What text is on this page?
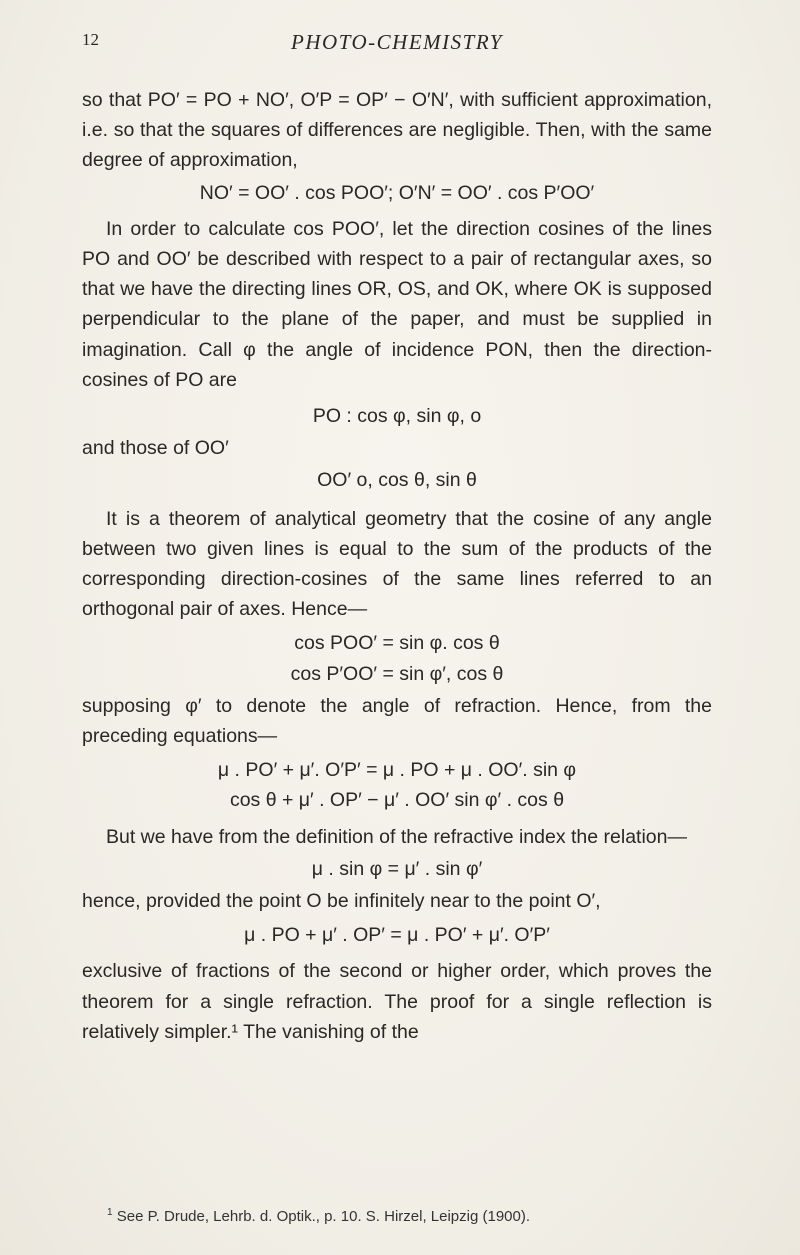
12	PHOTO-CHEMISTRY

so that PO′ = PO + NO′, O′P = OP′ − O′N′, with sufficient approximation, i.e. so that the squares of differences are negligible. Then, with the same degree of approximation,

NO′ = OO′ . cos POO′; O′N′ = OO′ . cos P′OO′

In order to calculate cos POO′, let the direction cosines of the lines PO and OO′ be described with respect to a pair of rectangular axes, so that we have the directing lines OR, OS, and OK, where OK is supposed perpendicular to the plane of the paper, and must be supplied in imagination. Call φ the angle of incidence PON, then the direction-cosines of PO are

PO : cos φ, sin φ, o

and those of OO′

OO′ o, cos θ, sin θ

It is a theorem of analytical geometry that the cosine of any angle between two given lines is equal to the sum of the products of the corresponding direction-cosines of the same lines referred to an orthogonal pair of axes. Hence—

cos POO′ = sin φ. cos θ

cos P′OO′ = sin φ′, cos θ

supposing φ′ to denote the angle of refraction. Hence, from the preceding equations—

μ . PO′ + μ′. O′P′ = μ . PO + μ . OO′. sin φ

cos θ + μ′ . OP′ − μ′ . OO′ sin φ′ . cos θ

But we have from the definition of the refractive index the relation—

μ . sin φ = μ′ . sin φ′

hence, provided the point O be infinitely near to the point O′,

μ . PO + μ′ . OP′ = μ . PO′ + μ′. O′P′

exclusive of fractions of the second or higher order, which proves the theorem for a single refraction. The proof for a single reflection is relatively simpler.¹ The vanishing of the

$^1$ See P. Drude, Lehrb. d. Optik., p. 10. S. Hirzel, Leipzig (1900).
